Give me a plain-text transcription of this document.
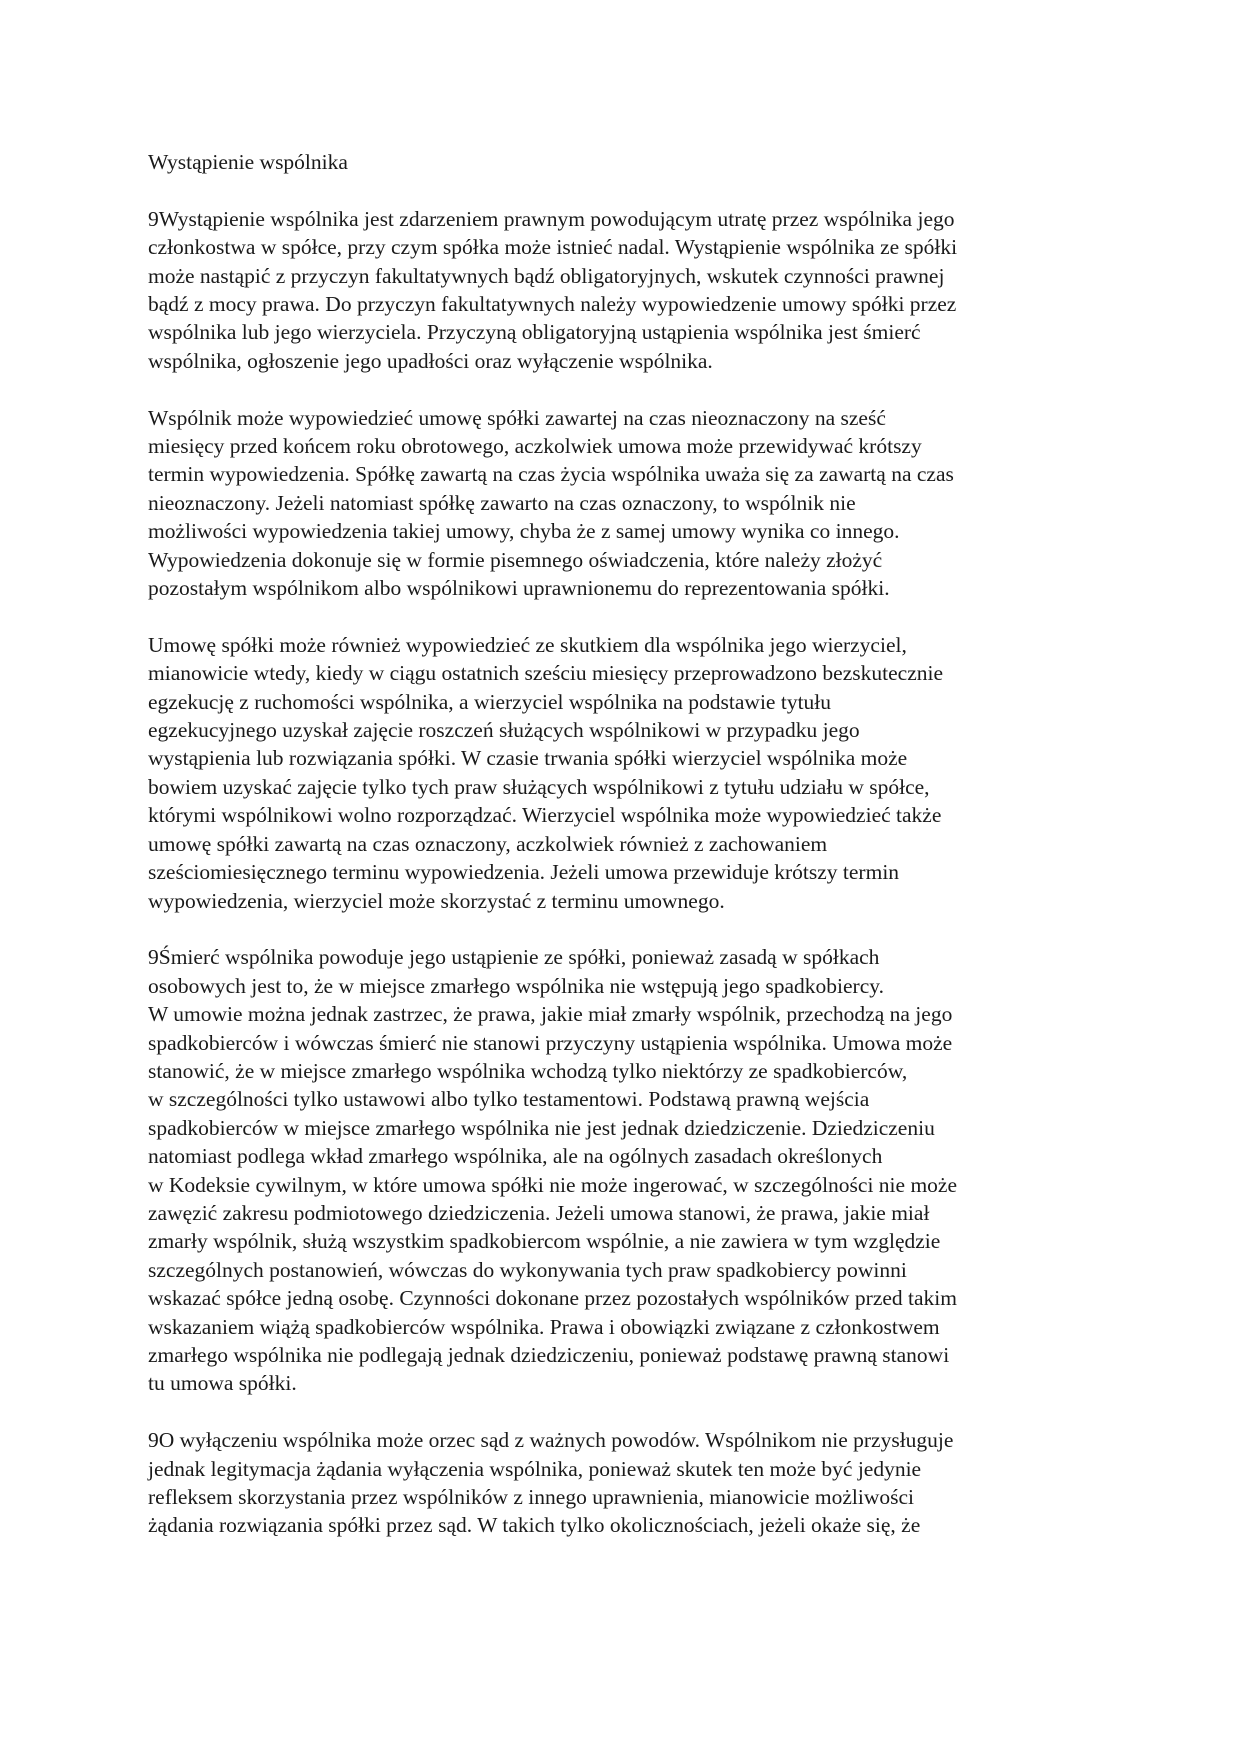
Wystąpienie wspólnika
9Wystąpienie wspólnika jest zdarzeniem prawnym powodującym utratę przez wspólnika jego
członkostwa w spółce, przy czym spółka może istnieć nadal. Wystąpienie wspólnika ze spółki
może nastąpić z przyczyn fakultatywnych bądź obligatoryjnych, wskutek czynności prawnej
bądź z mocy prawa. Do przyczyn fakultatywnych należy wypowiedzenie umowy spółki przez
wspólnika lub jego wierzyciela. Przyczyną obligatoryjną ustąpienia wspólnika jest śmierć
wspólnika, ogłoszenie jego upadłości oraz wyłączenie wspólnika.
Wspólnik może wypowiedzieć umowę spółki zawartej na czas nieoznaczony na sześć
miesięcy przed końcem roku obrotowego, aczkolwiek umowa może przewidywać krótszy
termin wypowiedzenia. Spółkę zawartą na czas życia wspólnika uważa się za zawartą na czas
nieoznaczony. Jeżeli natomiast spółkę zawarto na czas oznaczony, to wspólnik nie
możliwości wypowiedzenia takiej umowy, chyba że z samej umowy wynika co innego.
Wypowiedzenia dokonuje się w formie pisemnego oświadczenia, które należy złożyć
pozostałym wspólnikom albo wspólnikowi uprawnionemu do reprezentowania spółki.
Umowę spółki może również wypowiedzieć ze skutkiem dla wspólnika jego wierzyciel,
mianowicie wtedy, kiedy w ciągu ostatnich sześciu miesięcy przeprowadzono bezskutecznie
egzekucję z ruchomości wspólnika, a wierzyciel wspólnika na podstawie tytułu
egzekucyjnego uzyskał zajęcie roszczeń służących wspólnikowi w przypadku jego
wystąpienia lub rozwiązania spółki. W czasie trwania spółki wierzyciel wspólnika może
bowiem uzyskać zajęcie tylko tych praw służących wspólnikowi z tytułu udziału w spółce,
którymi wspólnikowi wolno rozporządzać. Wierzyciel wspólnika może wypowiedzieć także
umowę spółki zawartą na czas oznaczony, aczkolwiek również z zachowaniem
sześciomiesięcznego terminu wypowiedzenia. Jeżeli umowa przewiduje krótszy termin
wypowiedzenia, wierzyciel może skorzystać z terminu umownego.
9Śmierć wspólnika powoduje jego ustąpienie ze spółki, ponieważ zasadą w spółkach
osobowych jest to, że w miejsce zmarłego wspólnika nie wstępują jego spadkobiercy.
W umowie można jednak zastrzec, że prawa, jakie miał zmarły wspólnik, przechodzą na jego
spadkobierców i wówczas śmierć nie stanowi przyczyny ustąpienia wspólnika. Umowa może
stanowić, że w miejsce zmarłego wspólnika wchodzą tylko niektórzy ze spadkobierców,
w szczególności tylko ustawowi albo tylko testamentowi. Podstawą prawną wejścia
spadkobierców w miejsce zmarłego wspólnika nie jest jednak dziedziczenie. Dziedziczeniu
natomiast podlega wkład zmarłego wspólnika, ale na ogólnych zasadach określonych
w Kodeksie cywilnym, w które umowa spółki nie może ingerować, w szczególności nie może
zawęzić zakresu podmiotowego dziedziczenia. Jeżeli umowa stanowi, że prawa, jakie miał
zmarły wspólnik, służą wszystkim spadkobiercom wspólnie, a nie zawiera w tym względzie
szczególnych postanowień, wówczas do wykonywania tych praw spadkobiercy powinni
wskazać spółce jedną osobę. Czynności dokonane przez pozostałych wspólników przed takim
wskazaniem wiążą spadkobierców wspólnika. Prawa i obowiązki związane z członkostwem
zmarłego wspólnika nie podlegają jednak dziedziczeniu, ponieważ podstawę prawną stanowi
tu umowa spółki.
9O wyłączeniu wspólnika może orzec sąd z ważnych powodów. Wspólnikom nie przysługuje
jednak legitymacja żądania wyłączenia wspólnika, ponieważ skutek ten może być jedynie
refleksem skorzystania przez wspólników z innego uprawnienia, mianowicie możliwości
żądania rozwiązania spółki przez sąd. W takich tylko okolicznościach, jeżeli okaże się, że
